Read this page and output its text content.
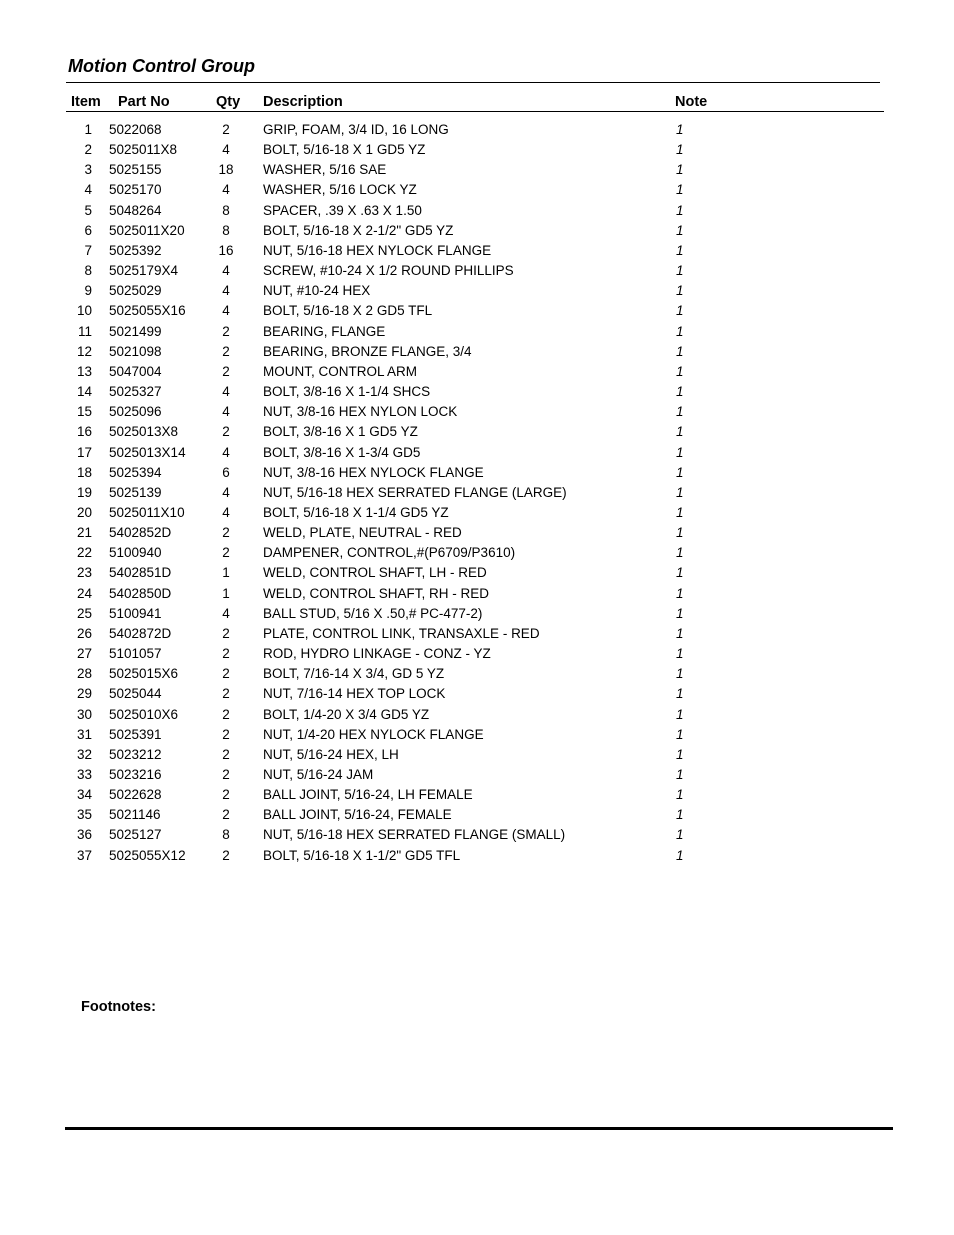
Motion Control Group
Item Part No	Qty Description	Note
1 5022068	2	GRIP, FOAM, 3/4 ID, 16 LONG	1
2 5025011X8	4	BOLT, 5/16-18 X 1 GD5 YZ	1
3 5025155	18	WASHER, 5/16 SAE	1
4 5025170	4	WASHER, 5/16 LOCK YZ	1
5 5048264	8	SPACER, .39 X .63 X 1.50	1
6 5025011X20	8	BOLT, 5/16-18 X 2-1/2" GD5 YZ	1
7 5025392	16	NUT, 5/16-18 HEX NYLOCK FLANGE	1
8 5025179X4	4	SCREW, #10-24 X 1/2 ROUND PHILLIPS	1
9 5025029	4	NUT, #10-24 HEX	1
10 5025055X16	4	BOLT, 5/16-18 X 2 GD5 TFL	1
11 5021499	2	BEARING, FLANGE	1
12 5021098	2	BEARING, BRONZE FLANGE, 3/4	1
13 5047004	2	MOUNT, CONTROL ARM	1
14 5025327	4	BOLT, 3/8-16 X 1-1/4 SHCS	1
15 5025096	4	NUT, 3/8-16 HEX NYLON LOCK	1
16 5025013X8	2	BOLT, 3/8-16 X 1 GD5 YZ	1
17 5025013X14	4	BOLT, 3/8-16 X 1-3/4 GD5	1
18 5025394	6	NUT, 3/8-16 HEX NYLOCK FLANGE	1
19 5025139	4	NUT, 5/16-18 HEX SERRATED FLANGE (LARGE)	1
20 5025011X10	4	BOLT, 5/16-18 X 1-1/4 GD5 YZ	1
21 5402852D	2	WELD, PLATE, NEUTRAL - RED	1
22 5100940	2	DAMPENER, CONTROL,#(P6709/P3610)	1
23 5402851D	1	WELD, CONTROL SHAFT, LH - RED	1
24 5402850D	1	WELD, CONTROL SHAFT, RH - RED	1
25 5100941	4	BALL STUD, 5/16 X .50,# PC-477-2)	1
26 5402872D	2	PLATE, CONTROL LINK, TRANSAXLE - RED	1
27 5101057	2	ROD, HYDRO LINKAGE - CONZ - YZ	1
28 5025015X6	2	BOLT, 7/16-14 X 3/4, GD 5 YZ	1
29 5025044	2	NUT, 7/16-14 HEX TOP LOCK	1
30 5025010X6	2	BOLT, 1/4-20 X 3/4 GD5 YZ	1
31 5025391	2	NUT, 1/4-20 HEX NYLOCK FLANGE	1
32 5023212	2	NUT, 5/16-24 HEX, LH	1
33 5023216	2	NUT, 5/16-24 JAM	1
34 5022628	2	BALL JOINT, 5/16-24, LH FEMALE	1
35 5021146	2	BALL JOINT, 5/16-24, FEMALE	1
36 5025127	8	NUT, 5/16-18 HEX SERRATED FLANGE (SMALL)	1
37 5025055X12	2	BOLT, 5/16-18 X 1-1/2" GD5 TFL	1
Footnotes:
